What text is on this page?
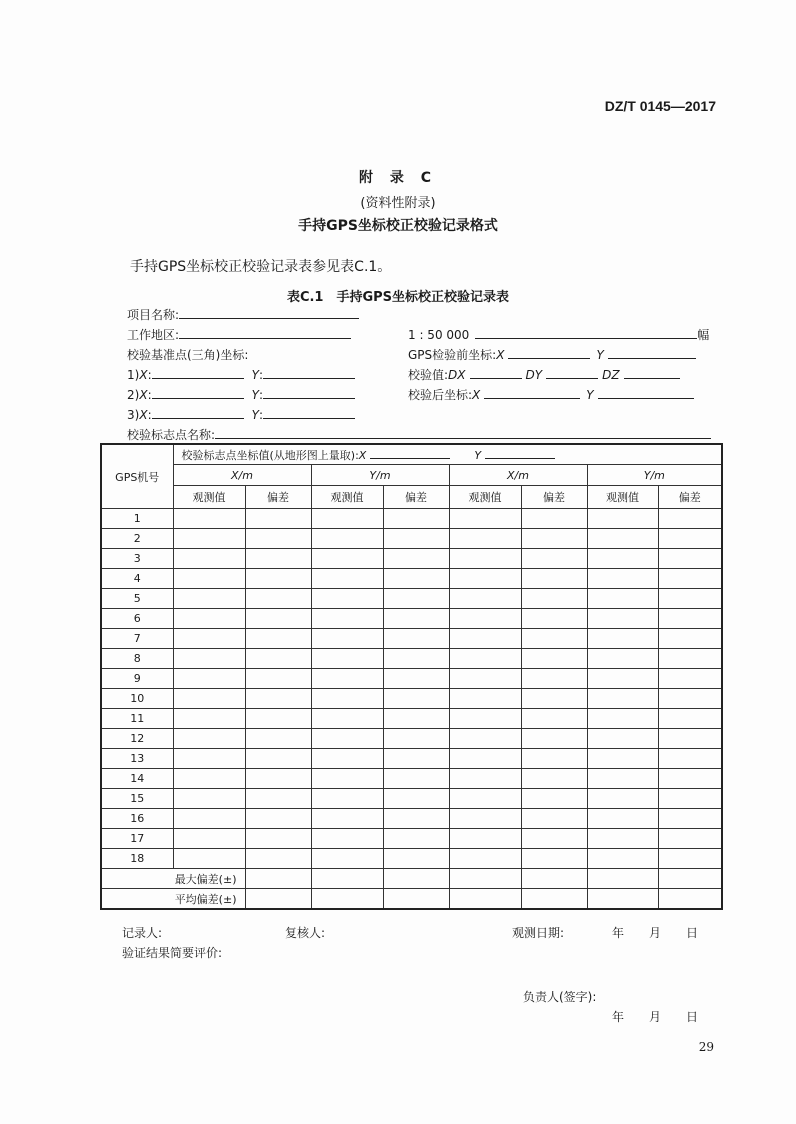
DZ/T 0145—2017
附 录 C
(资料性附录)
手持GPS坐标校正校验记录格式
手持GPS坐标校正校验记录表参见表C.1。
表C.1　手持GPS坐标校正校验记录表
项目名称:
工作地区:
校验基准点(三角)坐标:
1)X:	Y:
2)X:	Y:
3)X:	Y:
校验标志点名称:
1 : 50 000	幅
GPS检验前坐标:X	Y
校验值:DX	DY	DZ
校验后坐标:X	Y
GPS机号	校验标志点坐标值(从地形图上量取):X Y							
	X/m		Y/m		X/m		Y/m	
	观测值	偏差	观测值	偏差	观测值	偏差	观测值	偏差
1								
2								
3								
4								
5								
6								
7								
8								
9								
10								
11								
12								
13								
14								
15								
16								
17								
18								
最大偏差(±)								
平均偏差(±)								
记录人:	复核人:	观测日期:	年 月 日
验证结果简要评价:
负责人(签字):
年 月 日
29
